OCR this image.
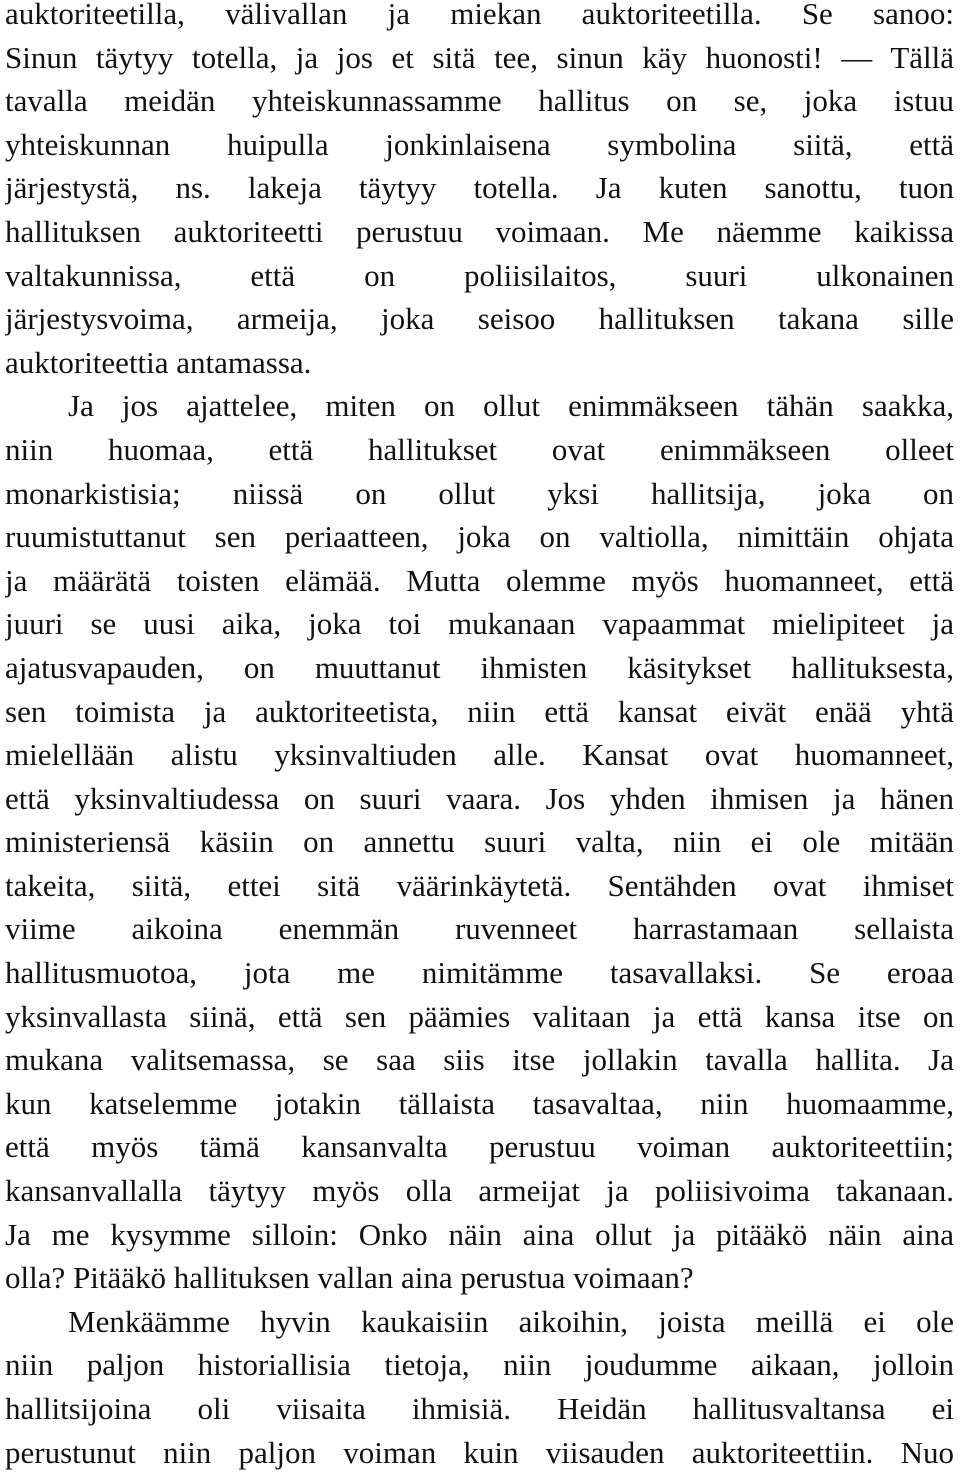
auktoriteetilla, välivallan ja miekan auktoriteetilla. Se sanoo:
Sinun täytyy totella, ja jos et sitä tee, sinun käy huonosti! — Tällä
tavalla meidän yhteiskunnassamme hallitus on se, joka istuu
yhteiskunnan huipulla jonkinlaisena symbolina siitä, että
järjestystä, ns. lakeja täytyy totella. Ja kuten sanottu, tuon
hallituksen auktoriteetti perustuu voimaan. Me näemme kaikissa
valtakunnissa, että on poliisilaitos, suuri ulkonainen
järjestysvoima, armeija, joka seisoo hallituksen takana sille
auktoriteettia antamassa.
Ja jos ajattelee, miten on ollut enimmäkseen tähän saakka,
niin huomaa, että hallitukset ovat enimmäkseen olleet
monarkistisia; niissä on ollut yksi hallitsija, joka on
ruumistuttanut sen periaatteen, joka on valtiolla, nimittäin ohjata
ja määrätä toisten elämää. Mutta olemme myös huomanneet, että
juuri se uusi aika, joka toi mukanaan vapaammat mielipiteet ja
ajatusvapauden, on muuttanut ihmisten käsitykset hallituksesta,
sen toimista ja auktoriteetista, niin että kansat eivät enää yhtä
mielellään alistu yksinvaltiuden alle. Kansat ovat huomanneet,
että yksinvaltiudessa on suuri vaara. Jos yhden ihmisen ja hänen
ministeriensä käsiin on annettu suuri valta, niin ei ole mitään
takeita, siitä, ettei sitä väärinkäytetä. Sentähden ovat ihmiset
viime aikoina enemmän ruvenneet harrastamaan sellaista
hallitusmuotoa, jota me nimitämme tasavallaksi. Se eroaa
yksinvallasta siinä, että sen päämies valitaan ja että kansa itse on
mukana valitsemassa, se saa siis itse jollakin tavalla hallita. Ja
kun katselemme jotakin tällaista tasavaltaa, niin huomaamme,
että myös tämä kansanvalta perustuu voiman auktoriteettiin;
kansanvallalla täytyy myös olla armeijat ja poliisivoima takanaan.
Ja me kysymme silloin: Onko näin aina ollut ja pitääkö näin aina
olla? Pitääkö hallituksen vallan aina perustua voimaan?
Menkäämme hyvin kaukaisiin aikoihin, joista meillä ei ole
niin paljon historiallisia tietoja, niin joudumme aikaan, jolloin
hallitsijoina oli viisaita ihmisiä. Heidän hallitusvaltansa ei
perustunut niin paljon voiman kuin viisauden auktoriteettiin. Nuo
